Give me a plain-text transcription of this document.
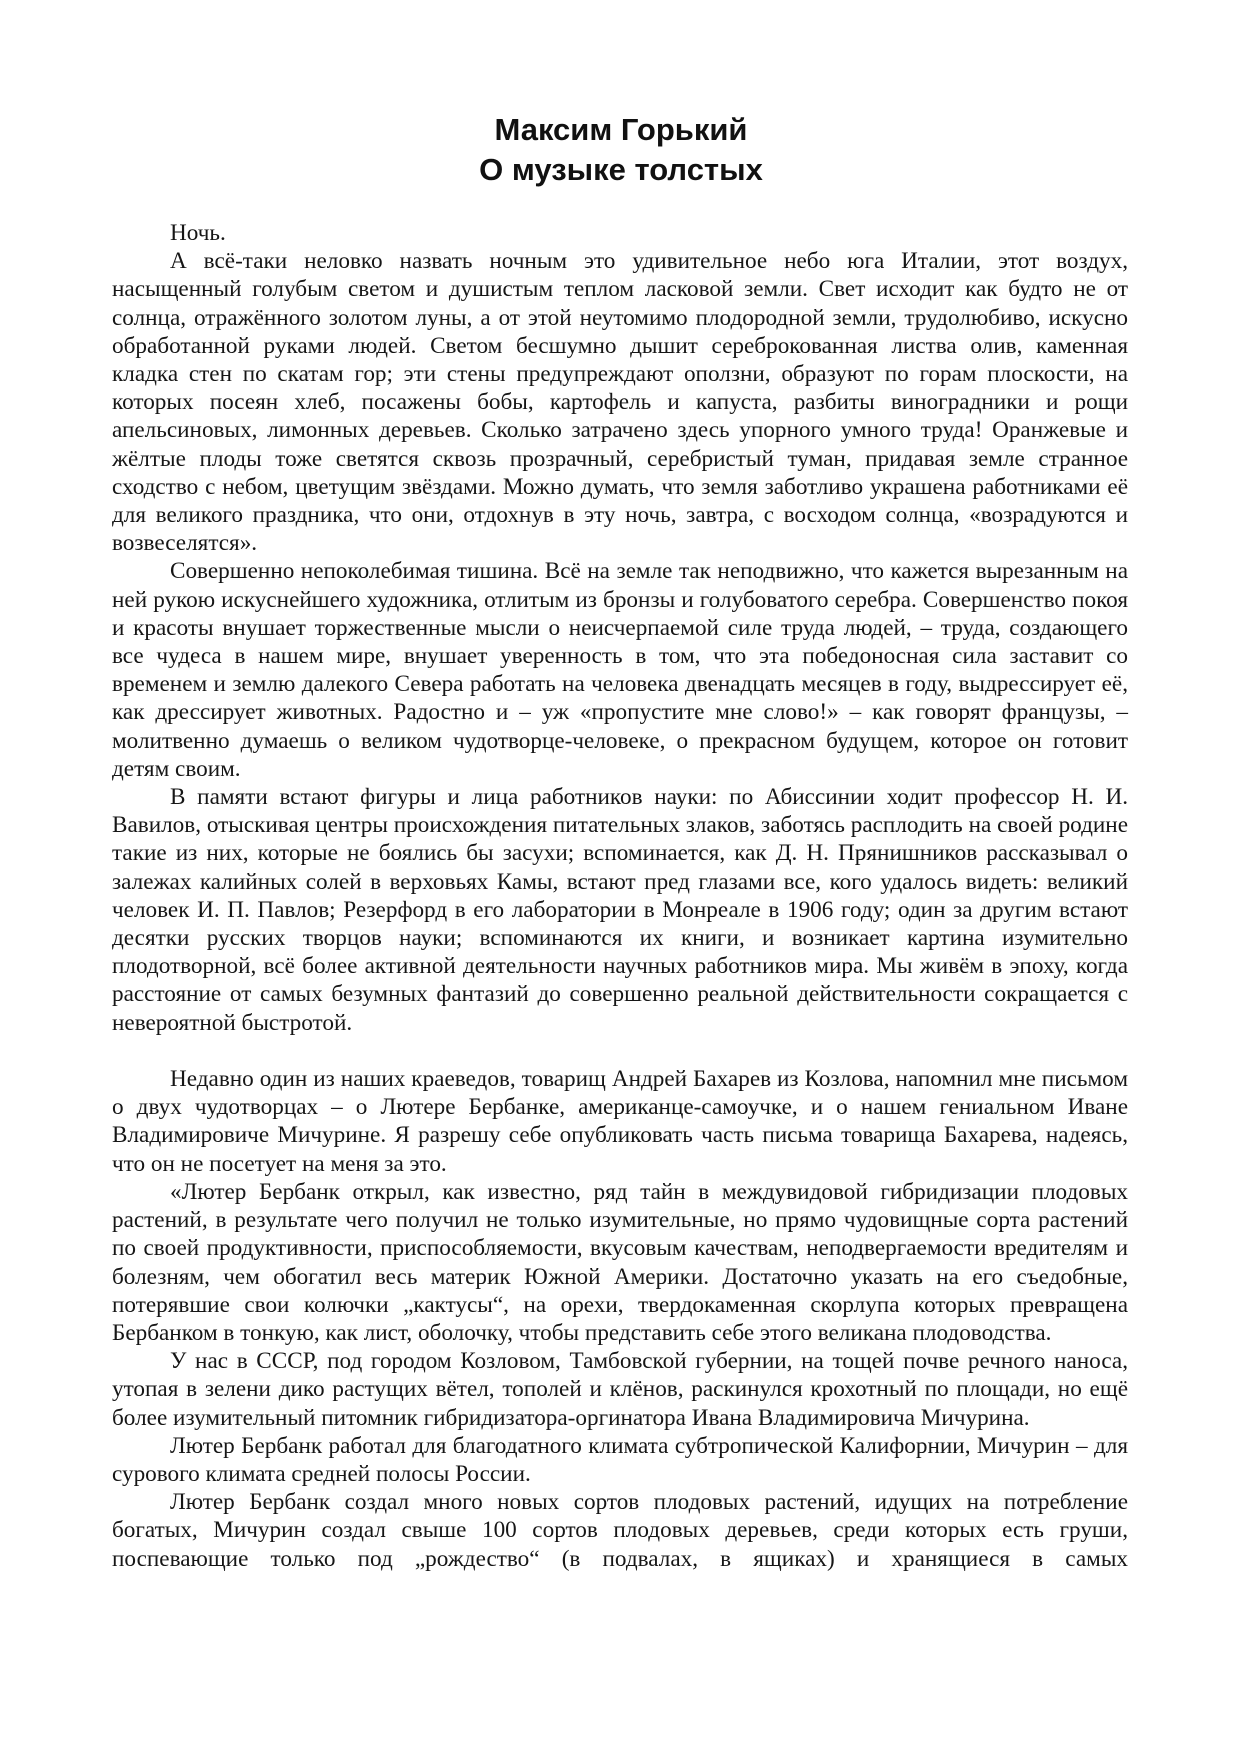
Максим Горький
О музыке толстых

Ночь.

А всё-таки неловко назвать ночным это удивительное небо юга Италии, этот воздух, насыщенный голубым светом и душистым теплом ласковой земли. Свет исходит как будто не от солнца, отражённого золотом луны, а от этой неутомимо плодородной земли, трудолюбиво, искусно обработанной руками людей. Светом бесшумно дышит сереброкованная листва олив, каменная кладка стен по скатам гор; эти стены предупреждают оползни, образуют по горам плоскости, на которых посеян хлеб, посажены бобы, картофель и капуста, разбиты виноградники и рощи апельсиновых, лимонных деревьев. Сколько затрачено здесь упорного умного труда! Оранжевые и жёлтые плоды тоже светятся сквозь прозрачный, серебристый туман, придавая земле странное сходство с небом, цветущим звёздами. Можно думать, что земля заботливо украшена работниками её для великого праздника, что они, отдохнув в эту ночь, завтра, с восходом солнца, «возрадуются и возвеселятся».

Совершенно непоколебимая тишина. Всё на земле так неподвижно, что кажется вырезанным на ней рукою искуснейшего художника, отлитым из бронзы и голубоватого серебра. Совершенство покоя и красоты внушает торжественные мысли о неисчерпаемой силе труда людей, – труда, создающего все чудеса в нашем мире, внушает уверенность в том, что эта победоносная сила заставит со временем и землю далекого Севера работать на человека двенадцать месяцев в году, выдрессирует её, как дрессирует животных. Радостно и – уж «пропустите мне слово!» – как говорят французы, – молитвенно думаешь о великом чудотворце-человеке, о прекрасном будущем, которое он готовит детям своим.

В памяти встают фигуры и лица работников науки: по Абиссинии ходит профессор Н. И. Вавилов, отыскивая центры происхождения питательных злаков, заботясь расплодить на своей родине такие из них, которые не боялись бы засухи; вспоминается, как Д. Н. Прянишников рассказывал о залежах калийных солей в верховьях Камы, встают пред глазами все, кого удалось видеть: великий человек И. П. Павлов; Резерфорд в его лаборатории в Монреале в 1906 году; один за другим встают десятки русских творцов науки; вспоминаются их книги, и возникает картина изумительно плодотворной, всё более активной деятельности научных работников мира. Мы живём в эпоху, когда расстояние от самых безумных фантазий до совершенно реальной действительности сокращается с невероятной быстротой.

Недавно один из наших краеведов, товарищ Андрей Бахарев из Козлова, напомнил мне письмом о двух чудотворцах – о Лютере Бербанке, американце-самоучке, и о нашем гениальном Иване Владимировиче Мичурине. Я разрешу себе опубликовать часть письма товарища Бахарева, надеясь, что он не посетует на меня за это.

«Лютер Бербанк открыл, как известно, ряд тайн в междувидовой гибридизации плодовых растений, в результате чего получил не только изумительные, но прямо чудовищные сорта растений по своей продуктивности, приспособляемости, вкусовым качествам, неподвергаемости вредителям и болезням, чем обогатил весь материк Южной Америки. Достаточно указать на его съедобные, потерявшие свои колючки „кактусы“, на орехи, твердокаменная скорлупа которых превращена Бербанком в тонкую, как лист, оболочку, чтобы представить себе этого великана плодоводства.

У нас в СССР, под городом Козловом, Тамбовской губернии, на тощей почве речного наноса, утопая в зелени дико растущих вётел, тополей и клёнов, раскинулся крохотный по площади, но ещё более изумительный питомник гибридизатора-оргинатора Ивана Владимировича Мичурина.

Лютер Бербанк работал для благодатного климата субтропической Калифорнии, Мичурин – для сурового климата средней полосы России.

Лютер Бербанк создал много новых сортов плодовых растений, идущих на потребление богатых, Мичурин создал свыше 100 сортов плодовых деревьев, среди которых есть груши, поспевающие только под „рождество“ (в подвалах, в ящиках) и хранящиеся в самых
